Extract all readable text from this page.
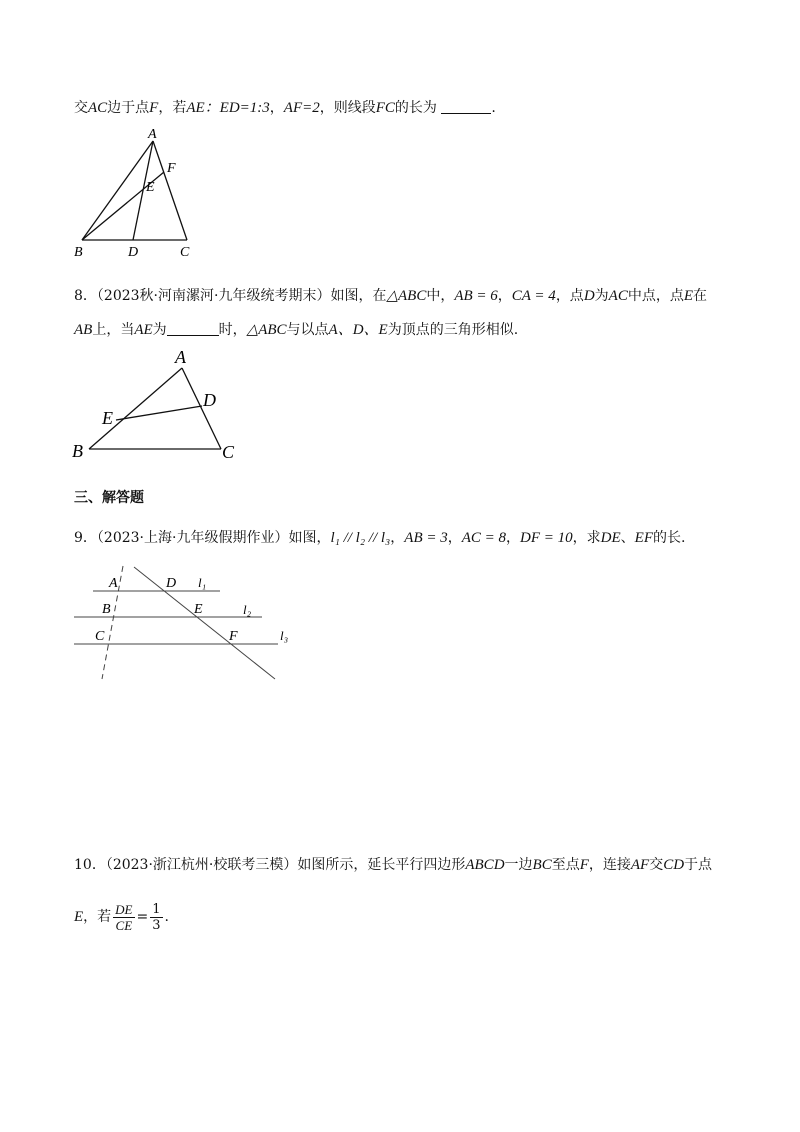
交AC边于点F，若AE：ED=1:3，AF=2，则线段FC的长为	.
A
F
E
B	D	C
8．（2023秋·河南漯河·九年级统考期末）如图，在△ABC中，AB = 6，CA = 4，点D为AC中点，点E在
AB上，当AE为	时，△ABC与以点A、D、E为顶点的三角形相似.
A
D
E
B	C
三、解答题
9．（2023·上海·九年级假期作业）如图，l₁ // l₂ // l₃，AB = 3，AC = 8，DF = 10，求DE、EF的长.
A	D l₁
B	E	l₂
C	F	l₃
10．（2023·浙江杭州·校联考三模）如图所示，延长平行四边形ABCD一边BC至点F，连接AF交CD于点
E，若 $\frac{DE}{CE} = \frac{1}{3}$ .
